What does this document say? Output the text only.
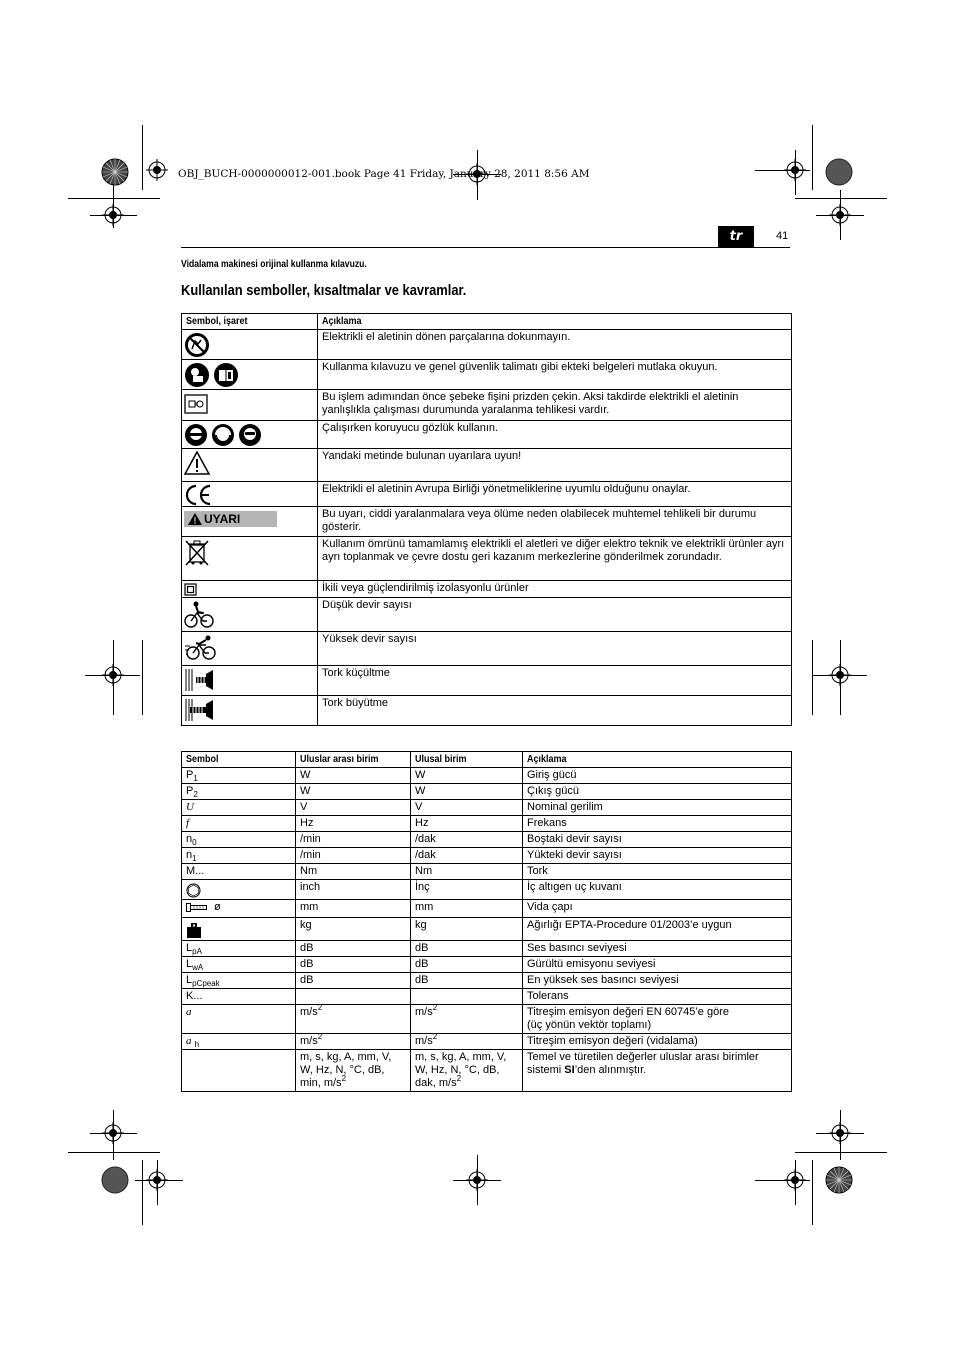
OBJ_BUCH-0000000012-001.book Page 41 Friday, January 28, 2011 8:56 AM
tr	41
Vidalama makinesi orijinal kullanma kılavuzu.
Kullanılan semboller, kısaltmalar ve kavramlar.
Sembol, işaret	Açıklama

	Elektrikli el aletinin dönen parçalarına dokunmayın.

	Kullanma kılavuzu ve genel güvenlik talimatı gibi ekteki belgeleri mutlaka okuyun.

	Bu işlem adımından önce şebeke fişini prizden çekin. Aksi takdirde elektrikli el aletinin yanlışlıkla çalışması durumunda yaralanma tehlikesi vardır.

	Çalışırken koruyucu gözlük kullanın.

	Yandaki metinde bulunan uyarılara uyun!

	Elektrikli el aletinin Avrupa Birliği yönetmeliklerine uyumlu olduğunu onaylar.

UYARI	Bu uyarı, ciddi yaralanmalara veya ölüme neden olabilecek muhtemel tehlikeli bir durumu gösterir.

	Kullanım ömrünü tamamlamış elektrikli el aletleri ve diğer elektro teknik ve elektrikli ürünler ayrı ayrı toplanmak ve çevre dostu geri kazanım merkezlerine gönderilmek zorundadır.

	İkili veya güçlendirilmiş izolasyonlu ürünler

	Düşük devir sayısı

	Yüksek devir sayısı

	Tork küçültme

	Tork büyütme
Sembol	Uluslar arası birim	Ulusal birim	Açıklama
$P_1$	W	W	Giriş gücü
$P_2$	W	W	Çıkış gücü
U	V	V	Nominal gerilim
f	Hz	Hz	Frekans
$n_0$	/min	/dak	Boştaki devir sayısı
$n_1$	/min	/dak	Yükteki devir sayısı
M...	Nm	Nm	Tork

	inch	İnç	İç altıgen uç kuvanı

ø	mm	mm	Vida çapı

	kg	kg	Ağırlığı EPTA-Procedure 01/2003’e uygun
$L_{pA}$	dB	dB	Ses basıncı seviyesi
$L_{wA}$	dB	dB	Gürültü emisyonu seviyesi
$L_{pCpeak}$	dB	dB	En yüksek ses basıncı seviyesi
K...			Tolerans
a	$m/s^2$	$m/s^2$	Titreşim emisyon değeri EN 60745’e göre
(üç yönün vektör toplamı)

a $_h$	$m/s^2$	$m/s^2$	Titreşim emisyon değeri (vidalama)
	m, s, kg, A, mm, V, W, Hz, N, °C, dB, min, $m/s^2$	m, s, kg, A, mm, V, W, Hz, N, °C, dB, dak, $m/s^2$	Temel ve türetilen değerler uluslar arası birimler sistemi SI’den alınmıştır.
